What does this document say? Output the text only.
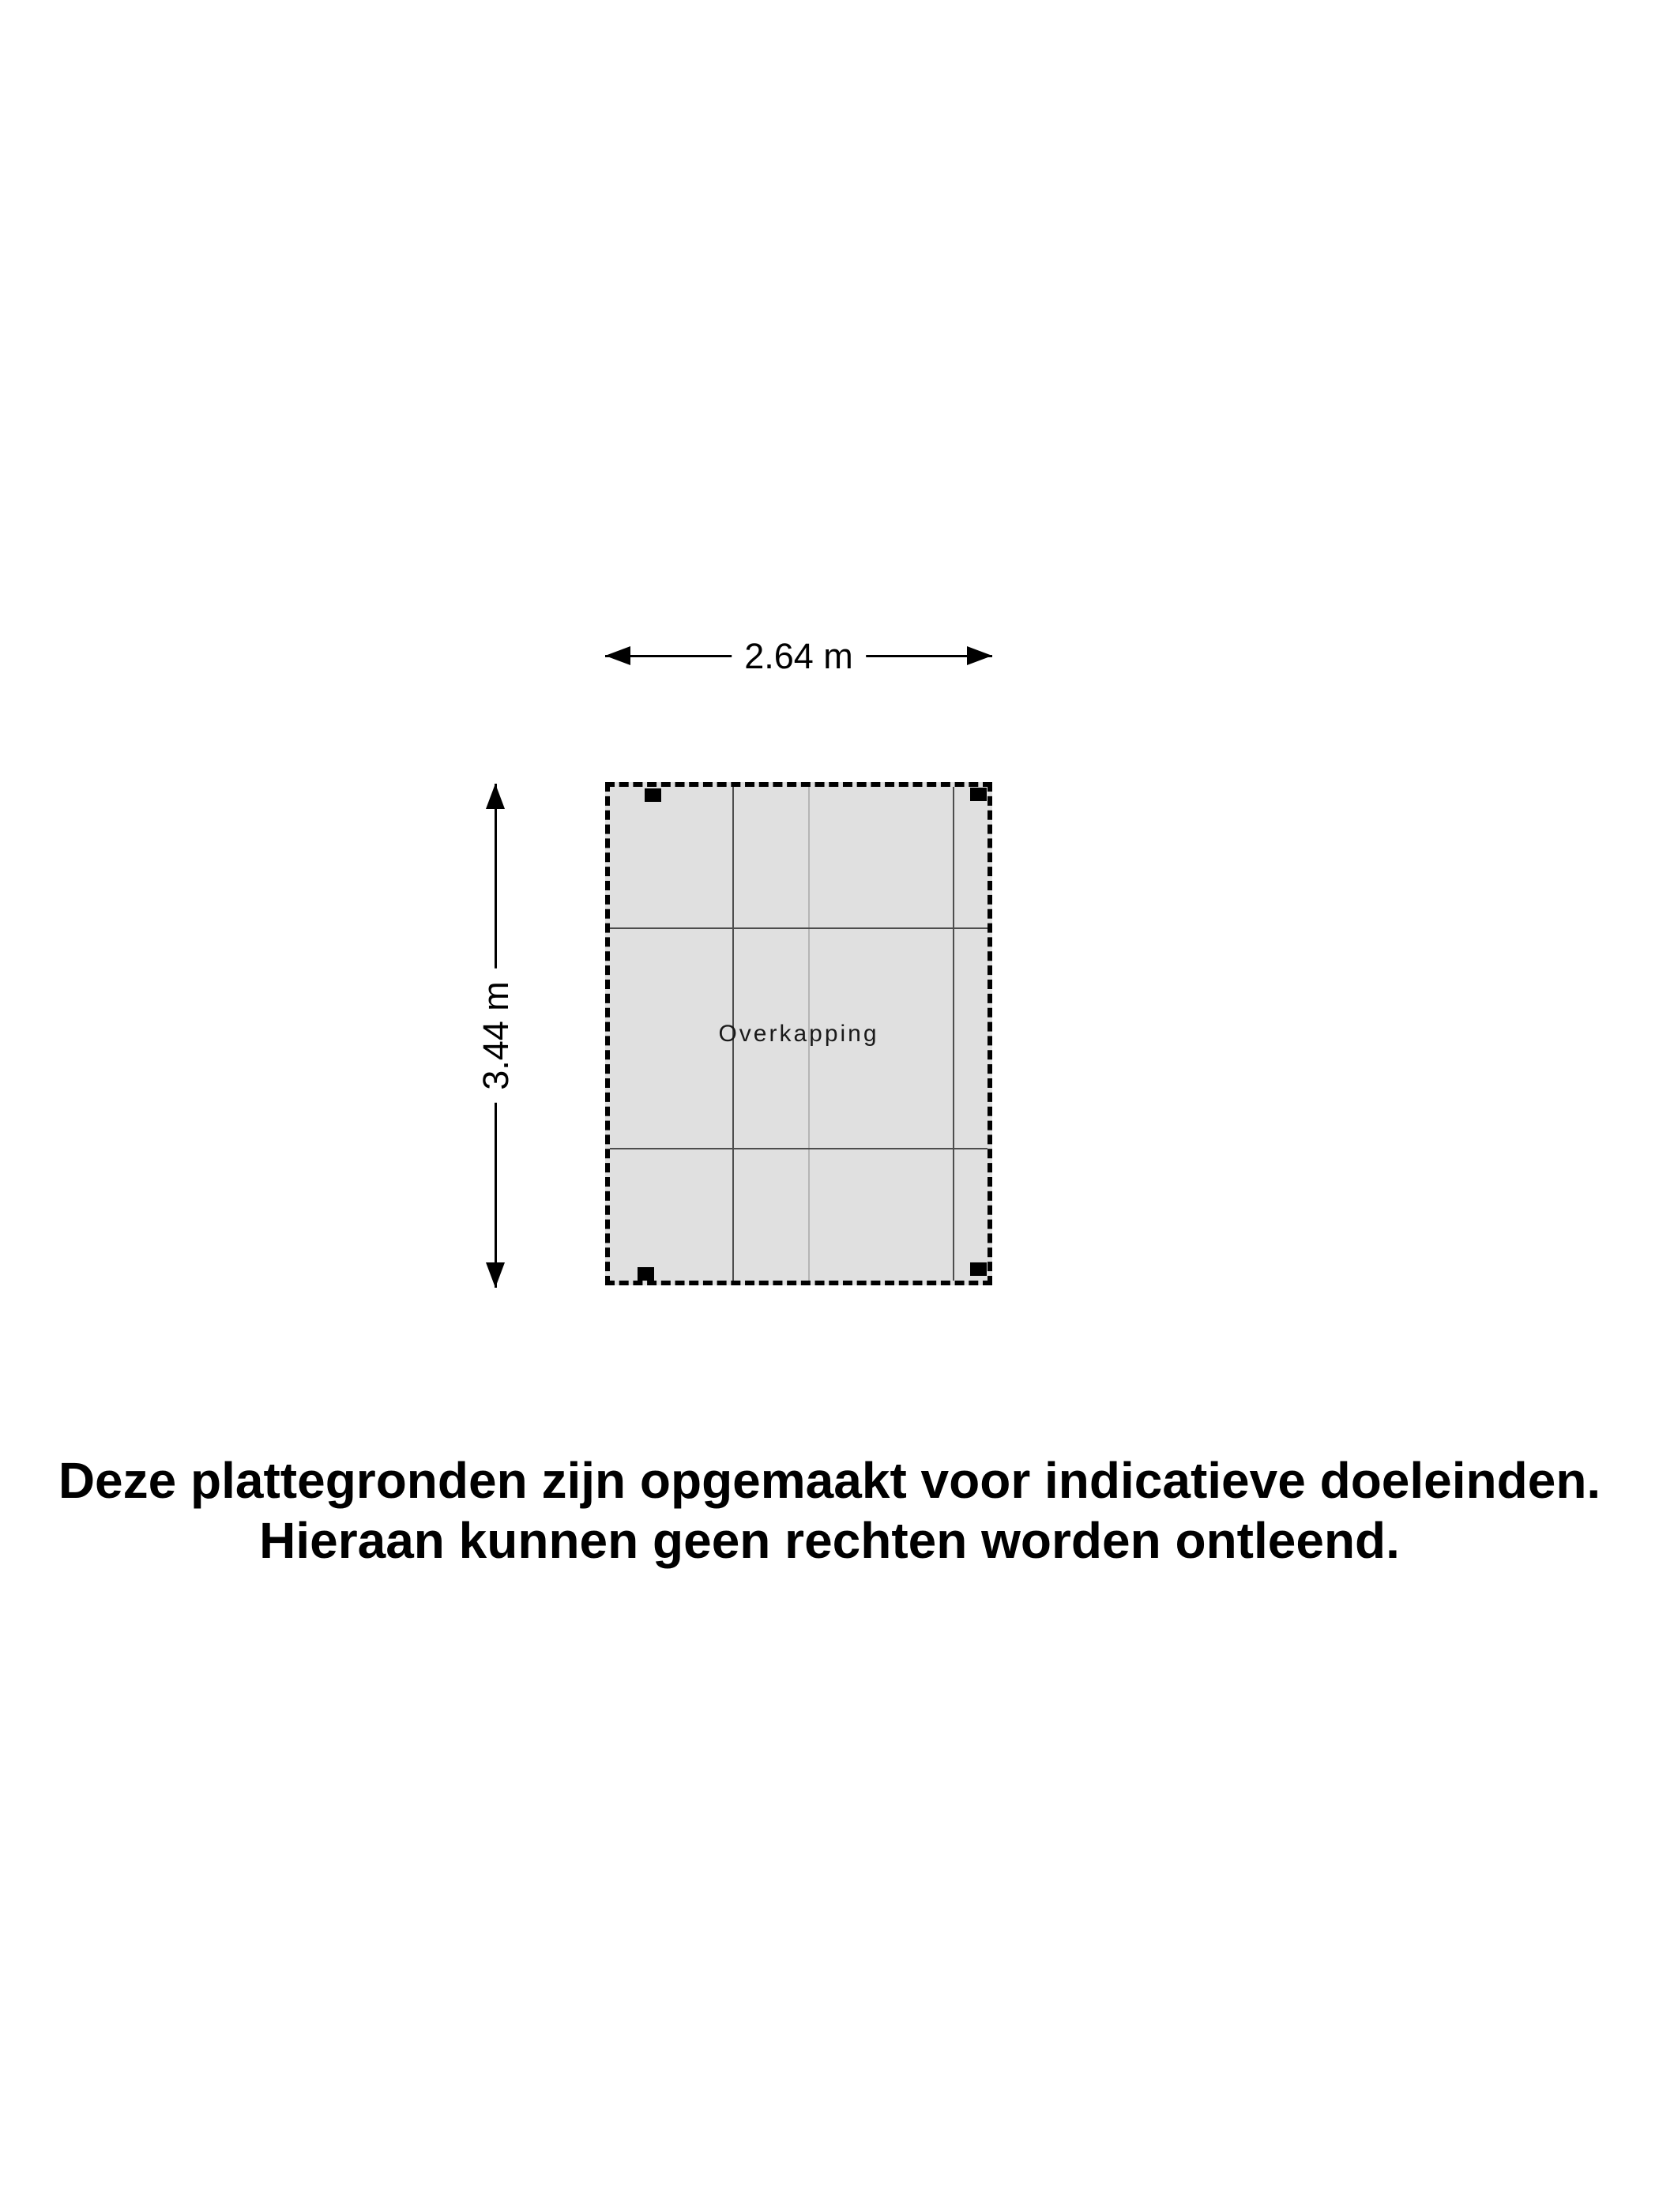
2.64 m
3.44 m	Overkapping
Deze plattegronden zijn opgemaakt voor indicatieve doeleinden.
Hieraan kunnen geen rechten worden ontleend.
